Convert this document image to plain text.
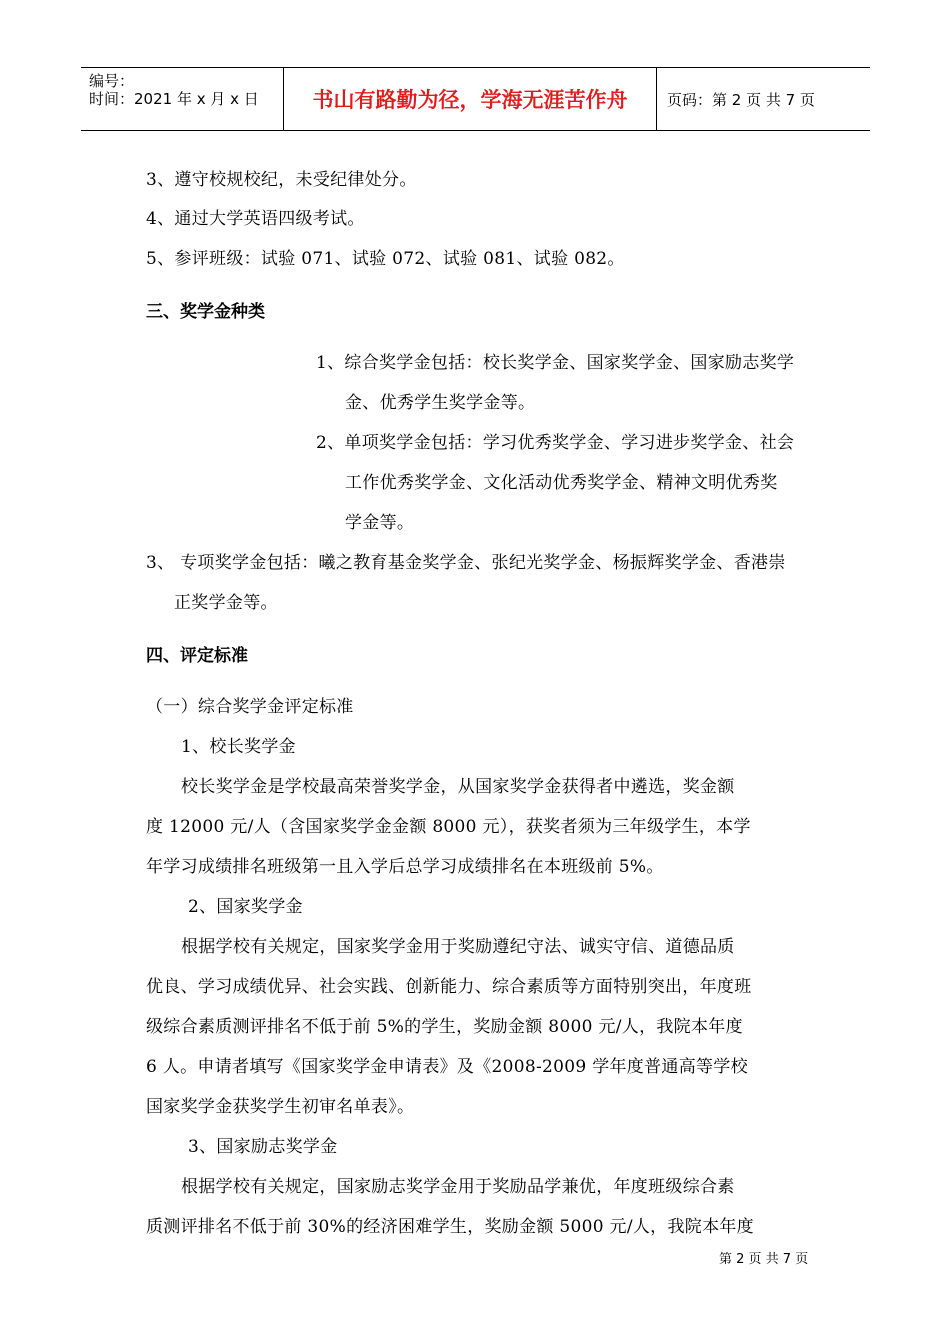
编号：
时间：2021 年 x 月 x 日	书山有路勤为径，学海无涯苦作舟	页码：第 2 页 共 7 页
3、遵守校规校纪，未受纪律处分。
4、通过大学英语四级考试。
5、参评班级：试验 071、试验 072、试验 081、试验 082。
三、奖学金种类
1、综合奖学金包括：校长奖学金、国家奖学金、国家励志奖学
金、优秀学生奖学金等。
2、单项奖学金包括：学习优秀奖学金、学习进步奖学金、社会
工作优秀奖学金、文化活动优秀奖学金、精神文明优秀奖
学金等。
3、 专项奖学金包括：曦之教育基金奖学金、张纪光奖学金、杨振辉奖学金、香港崇
正奖学金等。
四、评定标准
（一）综合奖学金评定标准
1、校长奖学金
校长奖学金是学校最高荣誉奖学金，从国家奖学金获得者中遴选，奖金额
度 12000 元/人（含国家奖学金金额 8000 元），获奖者须为三年级学生，本学
年学习成绩排名班级第一且入学后总学习成绩排名在本班级前 5%。
2、国家奖学金
根据学校有关规定，国家奖学金用于奖励遵纪守法、诚实守信、道德品质
优良、学习成绩优异、社会实践、创新能力、综合素质等方面特别突出，年度班
级综合素质测评排名不低于前 5%的学生，奖励金额 8000 元/人，我院本年度
6 人。申请者填写《国家奖学金申请表》及《2008-2009 学年度普通高等学校
国家奖学金获奖学生初审名单表》。
3、国家励志奖学金
根据学校有关规定，国家励志奖学金用于奖励品学兼优，年度班级综合素
质测评排名不低于前 30%的经济困难学生，奖励金额 5000 元/人，我院本年度
第 2 页 共 7 页
